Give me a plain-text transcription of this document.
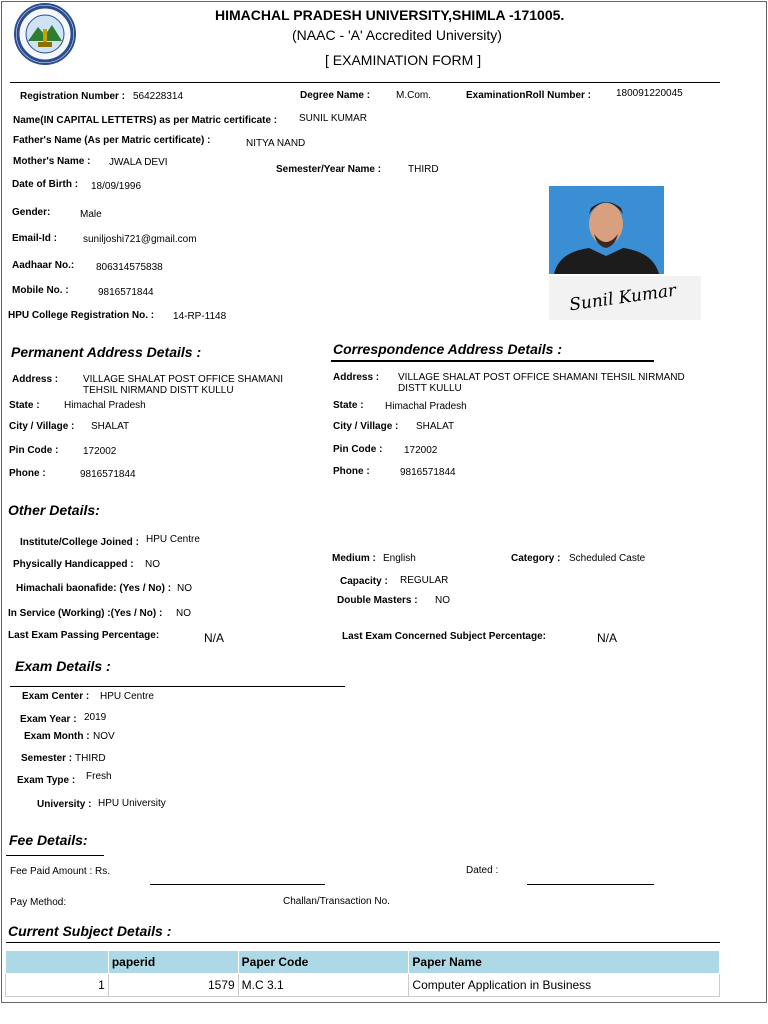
HIMACHAL PRADESH UNIVERSITY,SHIMLA -171005.
(NAAC - 'A' Accredited University)
[ EXAMINATION FORM ]
Registration Number : 564228314	Degree Name :	M.Com.	ExaminationRoll Number : 180091220045
Name(IN CAPITAL LETTETRS) as per Matric certificate : SUNIL KUMAR
Father's Name (As per Matric certificate) :	NITYA NAND
Mother's Name : JWALA DEVI
Semester/Year Name :	THIRD
Date of Birth : 18/09/1996
Gender:	Male
Email-Id :	suniljoshi721@gmail.com
Aadhaar No.: 806314575838
Mobile No. :	9816571844
HPU College Registration No. : 14-RP-1148
Sunil Kumar
Permanent Address Details :
Address : VILLAGE SHALAT POST OFFICE SHAMANI
TEHSIL NIRMAND DISTT KULLU
State : Himachal Pradesh
City / Village : SHALAT
Pin Code : 172002
Phone :	9816571844
Correspondence Address Details :
Address : VILLAGE SHALAT POST OFFICE SHAMANI TEHSIL NIRMAND
DISTT KULLU
State : Himachal Pradesh
City / Village : SHALAT
Pin Code : 172002
Phone :	9816571844
Other Details:
Institute/College Joined : HPU Centre
Physically Handicapped : NO
Himachali baonafide: (Yes / No) : NO
In Service (Working) :(Yes / No) : NO
Last Exam Passing Percentage:	N/A
Medium : English	Category : Scheduled Caste
Capacity : REGULAR
Double Masters : NO
Last Exam Concerned Subject Percentage:	N/A
Exam Details :
Exam Center : HPU Centre
Exam Year : 2019
Exam Month : NOV
Semester : THIRD
Exam Type : Fresh
University : HPU University
Fee Details:
Fee Paid Amount : Rs.	Dated :
Pay Method:	Challan/Transaction No.
Current Subject Details :
	paperid	Paper Code	Paper Name
1	1579	M.C 3.1	Computer Application in Business
